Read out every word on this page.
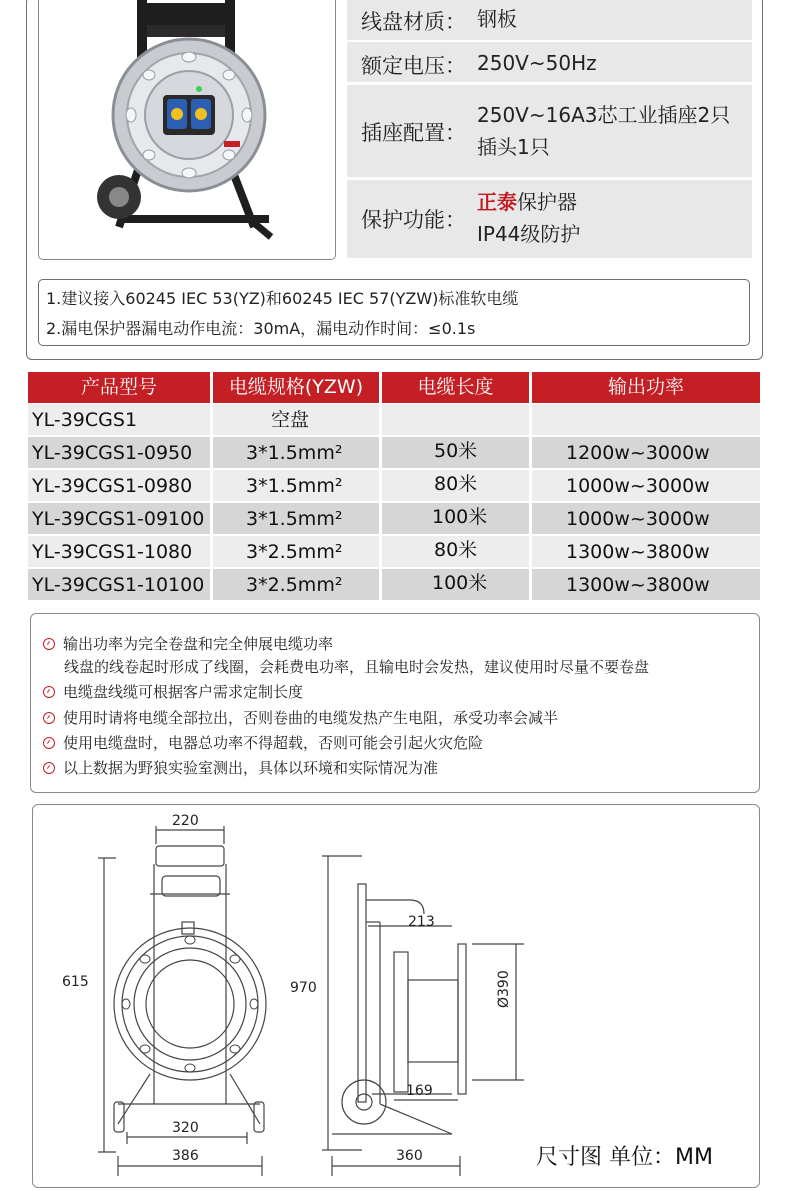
线盘材质： 钢板
额定电压： 250V~50Hz
插座配置：
250V~16A3芯工业插座2只
插头1只
保护功能：
正泰保护器
IP44级防护
1.建议接入60245 IEC 53(YZ)和60245 IEC 57(YZW)标准软电缆
2.漏电保护器漏电动作电流：30mA，漏电动作时间：≤0.1s
产品型号	电缆规格(YZW)	电缆长度	输出功率
YL-39CGS1	空盘
YL-39CGS1-0950	3*1.5mm²	50米	1200w~3000w
YL-39CGS1-0980	3*1.5mm²	80米	1000w~3000w
YL-39CGS1-09100 3*1.5mm²	100米	1000w~3000w
YL-39CGS1-1080	3*2.5mm²	80米	1300w~3800w
YL-39CGS1-10100 3*2.5mm²	100米	1300w~3800w
输出功率为完全卷盘和完全伸展电缆功率
线盘的线卷起时形成了线圈，会耗费电功率，且输电时会发热，建议使用时尽量不要卷盘
电缆盘线缆可根据客户需求定制长度
使用时请将电缆全部拉出，否则卷曲的电缆发热产生电阻，承受功率会减半
使用电缆盘时，电器总功率不得超载，否则可能会引起火灾危险
以上数据为野狼实验室测出，具体以环境和实际情况为准
220
615
320
386
970
213
Ø390
169
360	尺寸图 单位：MM
